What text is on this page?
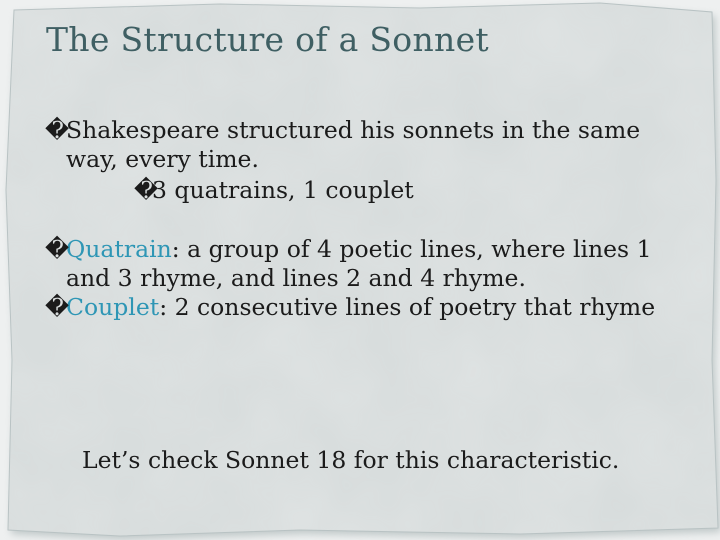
The Structure of a Sonnet
�
Shakespeare structured his sonnets in the same way, every time.
�
3 quatrains, 1 couplet
�
Quatrain: a group of 4 poetic lines, where lines 1 and 3 rhyme, and lines 2 and 4 rhyme.
�
Couplet: 2 consecutive lines of poetry that rhyme
Let’s check Sonnet 18 for this characteristic.
